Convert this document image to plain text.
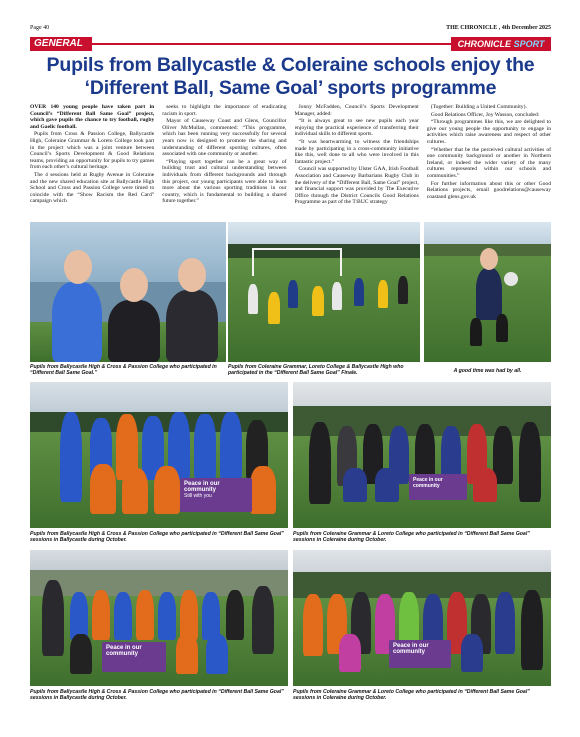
Page 40	THE CHRONICLE , 4th December 2025
GENERAL	CHRONICLE SPORT
Pupils from Ballycastle & Coleraine schools enjoy the ‘Different Ball, Same Goal’ sports programme

OVER 140 young people have taken part in Council’s “Different Ball Same Goal” project, which gave pupils the chance to try football, rugby and Gaelic football.

Pupils from Cross & Passion College, Ballycastle High, Coleraine Grammar & Loreto College took part in the project which was a joint venture between Council’s Sports Development & Good Relations teams, providing an opportunity for pupils to try games from each other’s cultural heritage.

The 4 sessions held at Rugby Avenue in Coleraine and the new shared education site at Ballycastle High School and Cross and Passion College were timed to coincide with the “Show Racism the Red Card” campaign which

seeks to highlight the importance of eradicating racism in sport.

Mayor of Causeway Coast and Glens, Councillor Oliver McMullan, commented: “This programme, which has been running very successfully for several years now is designed to promote the sharing and understanding of different sporting cultures, often associated with one community or another.

“Playing sport together can be a great way of building trust and cultural understanding between individuals from different backgrounds and through this project, our young participants were able to learn more about the various sporting traditions in our country, which is fundamental to building a shared future together.”

Jonny McFadden, Council’s Sports Development Manager, added:

“It is always great to see new pupils each year enjoying the practical experience of transferring their individual skills to different sports.

“It was heartwarming to witness the friendships made by participating in a cross-community initiative like this, well done to all who were involved in this fantastic project.”

Council was supported by Ulster GAA, Irish Football Association and Causeway Barbarians Rugby Club in the delivery of the “Different Ball, Same Goal” project, and financial support was provided by The Executive Office through the District Councils Good Relations Programme as part of the T:BUC strategy

(Together: Building a United Community).

Good Relations Officer, Joy Wasson, concluded:

“Through programmes like this, we are delighted to give our young people the opportunity to engage in activities which raise awareness and respect of other cultures.

“Whether that be the perceived cultural activities of one community background or another in Northern Ireland, or indeed the wider variety of the many cultures represented within our schools and communities.”

For further information about this or other Good Relations projects, email goodrelations@causeway coastand glens.gov.uk

Pupils from Ballycastle High & Cross & Passion College who participated in “Different Ball Same Goal.”
Pupils from Coleraine Grammar, Loreto College & Ballycastle High who participated in the “Different Ball Same Goal” Finale.	A good time was had by all.
Peace in our
community
Still with you
Peace in our
community
Pupils from Ballycastle High & Cross & Passion College who participated in “Different Ball Same Goal” sessions in Ballycastle during October.
Pupils from Coleraine Grammar & Loreto College who participated in “Different Ball Same Goal” sessions in Coleraine during October.
Peace in our
community
Peace in our
community
Pupils from Ballycastle High & Cross & Passion College who participated in “Different Ball Same Goal” sessions in Ballycastle during October.
Pupils from Coleraine Grammar & Loreto College who participated in “Different Ball Same Goal” sessions in Coleraine during October.
